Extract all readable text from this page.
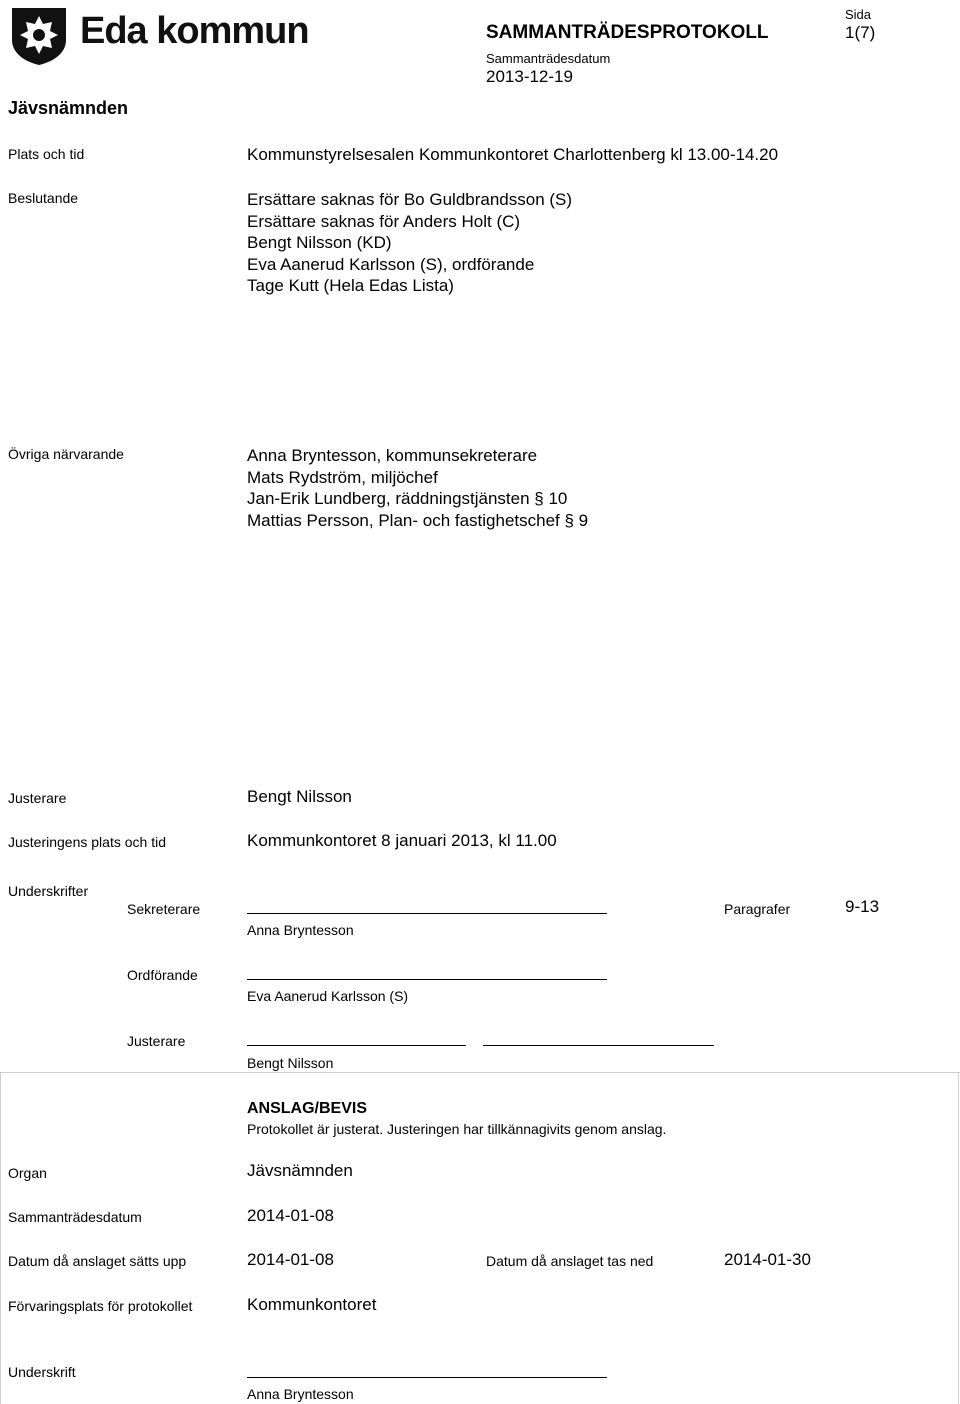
Eda kommun	SAMMANTRÄDESPROTOKOLL
Sammanträdesdatum
2013-12-19
Sida
1(7)
Jävsnämnden
Plats och tid	Kommunstyrelsesalen Kommunkontoret Charlottenberg kl 13.00-14.20
Beslutande	Ersättare saknas för Bo Guldbrandsson (S)
Ersättare saknas för Anders Holt (C)
Bengt Nilsson (KD)
Eva Aanerud Karlsson (S), ordförande
Tage Kutt (Hela Edas Lista)
Övriga närvarande	Anna Bryntesson, kommunsekreterare
Mats Rydström, miljöchef
Jan-Erik Lundberg, räddningstjänsten § 10
Mattias Persson, Plan- och fastighetschef § 9
Justerare	Bengt Nilsson
Justeringens plats och tid	Kommunkontoret 8 januari 2013, kl 11.00
Underskrifter
Sekreterare
Anna Bryntesson
Paragrafer	9-13
Ordförande
Eva Aanerud Karlsson (S)
Justerare
Bengt Nilsson
ANSLAG/BEVIS
Protokollet är justerat. Justeringen har tillkännagivits genom anslag.
Organ	Jävsnämnden
Sammanträdesdatum	2014-01-08
Datum då anslaget sätts upp	2014-01-08	Datum då anslaget tas ned	2014-01-30
Förvaringsplats för protokollet	Kommunkontoret
Underskrift
Anna Bryntesson
